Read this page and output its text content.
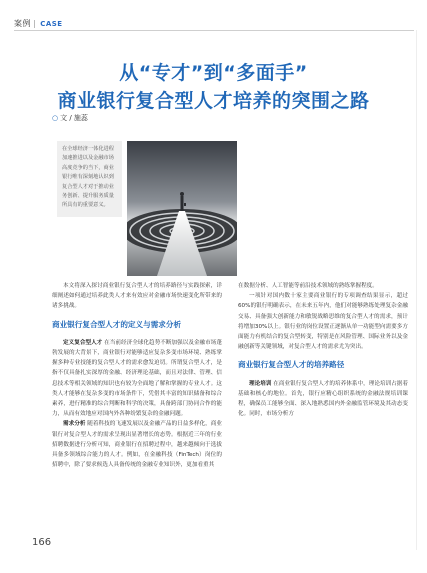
案例 | CASE
从“专才”到“多面手”
商业银行复合型人才培养的突围之路
○ 文 / 施蕊
在全球经济一体化进程加速推进以及金融市场高度竞争的当下，商业银行唯有深刻地认识到复合型人才对于推动业务创新、提升服务质量所具有的重要意义。

本文将深入探讨商业银行复合型人才的培养路径与实践探索，详细阐述如何通过培养此类人才来有效应对金融市场快速变化所带来的诸多挑战。

商业银行复合型人才的定义与需求分析

定义复合型人才 在当前经济全球化趋势不断加强以及金融市场蓬勃发展的大背景下，商业银行对能够适应复杂多变市场环境、熟练掌握多种专业技能的复合型人才的需求愈发迫切。所谓复合型人才，是指不仅具备扎实深厚的金融、经济理论基础，而且对法律、管理、信息技术等相关领域的知识也有较为全面地了解和掌握的专业人才。这类人才能够在复杂多变的市场条件下，凭借其丰富的知识储备和综合素养，进行精准的综合判断和科学的决策，具备跨部门协同合作的能力，从而有效地应对国内外各种纷繁复杂的金融问题。

需求分析 随着科技的飞速发展以及金融产品的日益多样化，商业银行对复合型人才的需求呈现出显著增长的态势。根据近三年的行业招聘数据进行分析可知，商业银行在招聘过程中，越来越倾向于选拔具备多领域综合能力的人才。例如，在金融科技（FinTech）岗位的招聘中，除了要求候选人具备传统的金融专业知识外，更加看重其

在数据分析、人工智能等前沿技术领域的熟练掌握程度。

一项针对国内数十家主要商业银行的专项调查结果显示，超过60%的银行明确表示，在未来五年内，他们对能够熟练处理复杂金融交易、具备强大创新能力和敏锐战略思维的复合型人才的需求，预计将增加30%以上。银行业的岗位设置正逐渐从单一功能型向需要多方面能力有机结合的复合型转变，特别是在风险管理、国际业务以及金融创新等关键领域，对复合型人才的需求尤为突出。

商业银行复合型人才的培养路径

理论培训 在商业银行复合型人才的培养体系中，理论培训占据着基础和核心的地位。首先，银行应精心组织系统的金融法规培训课程，确保员工能够全面、深入地熟悉国内外金融监管环境及其动态变化。同时，市场分析方

166
